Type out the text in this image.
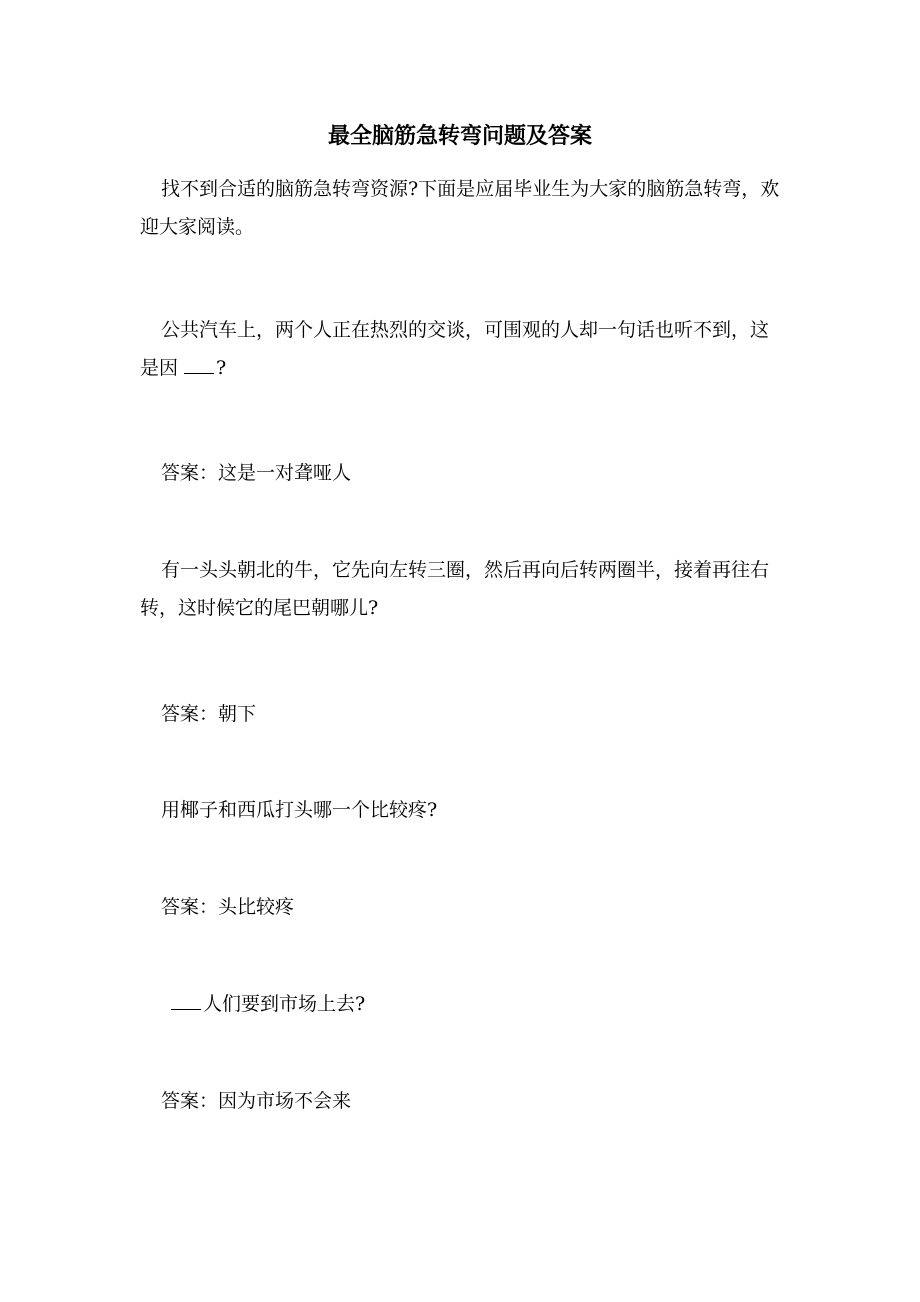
最全脑筋急转弯问题及答案

找不到合适的脑筋急转弯资源?下面是应届毕业生为大家的脑筋急转弯，欢迎大家阅读。

公共汽车上，两个人正在热烈的交谈，可围观的人却一句话也听不到，这是因 ?

答案：这是一对聋哑人

有一头头朝北的牛，它先向左转三圈，然后再向后转两圈半，接着再往右转，这时候它的尾巴朝哪儿?

答案：朝下

用椰子和西瓜打头哪一个比较疼?

答案：头比较疼

人们要到市场上去?

答案：因为市场不会来
